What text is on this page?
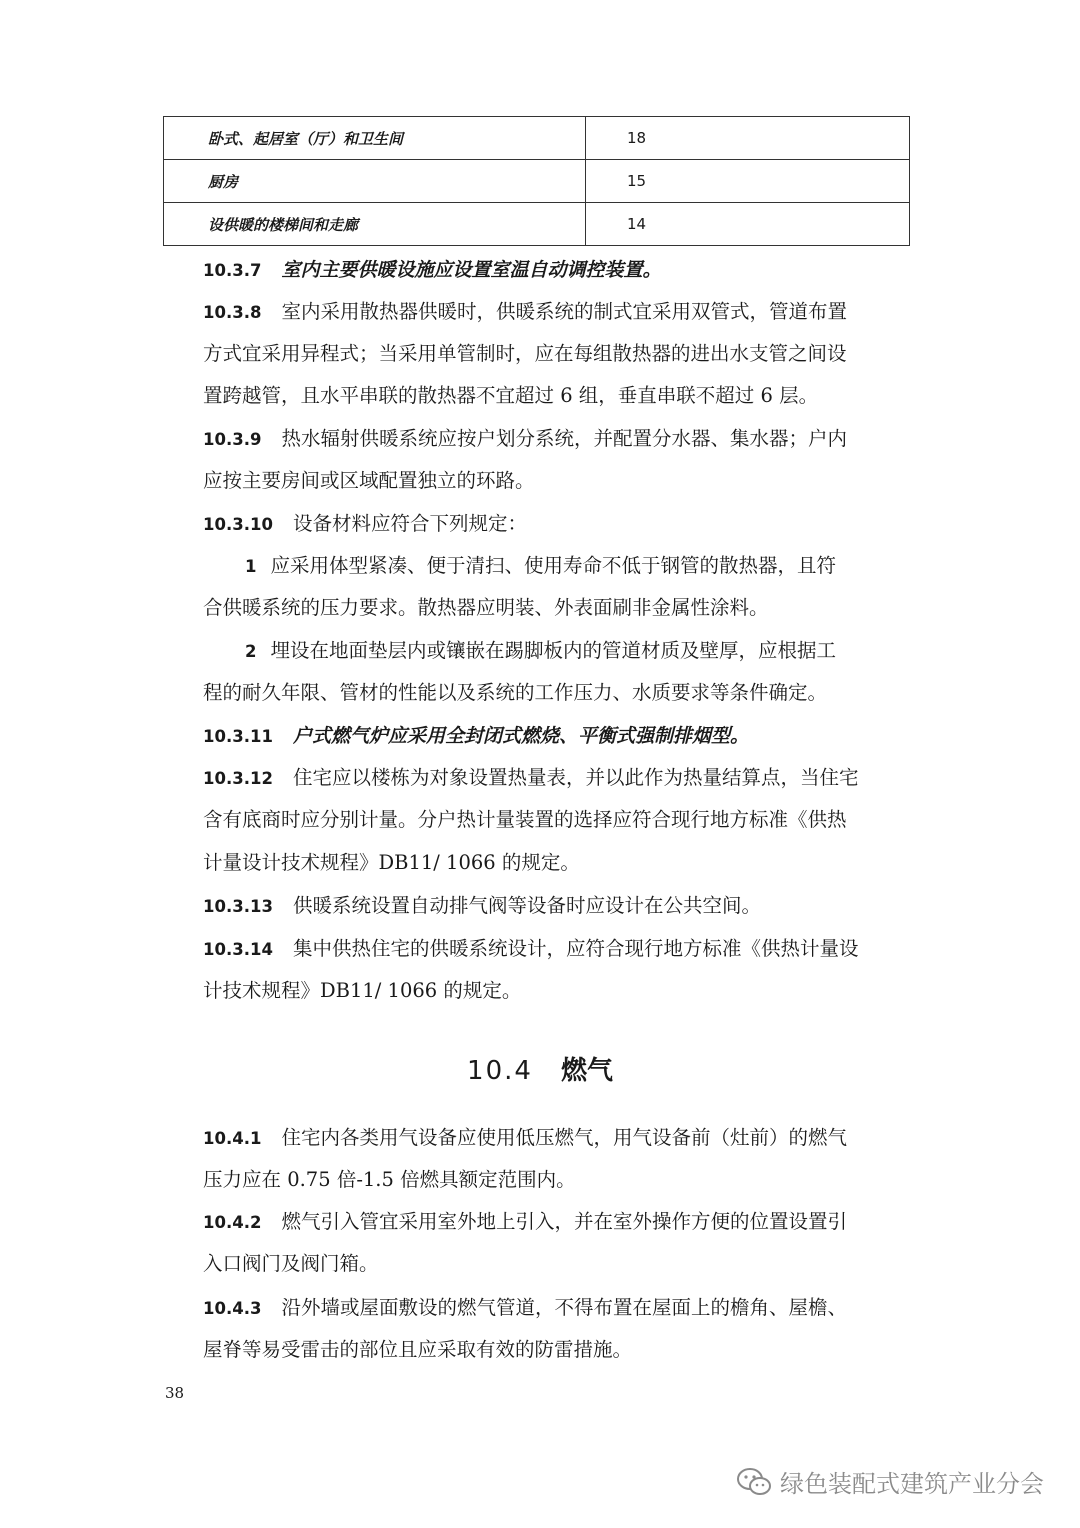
卧式、起居室（厅）和卫生间	18
厨房	15
设供暖的楼梯间和走廊	14
10.3.7 室内主要供暖设施应设置室温自动调控装置。
10.3.8 室内采用散热器供暖时，供暖系统的制式宜采用双管式，管道布置
方式宜采用异程式；当采用单管制时，应在每组散热器的进出水支管之间设
置跨越管，且水平串联的散热器不宜超过 6 组，垂直串联不超过 6 层。
10.3.9 热水辐射供暖系统应按户划分系统，并配置分水器、集水器；户内
应按主要房间或区域配置独立的环路。
10.3.10 设备材料应符合下列规定：
1 应采用体型紧凑、便于清扫、使用寿命不低于钢管的散热器，且符
合供暖系统的压力要求。散热器应明装、外表面刷非金属性涂料。
2 埋设在地面垫层内或镶嵌在踢脚板内的管道材质及壁厚，应根据工
程的耐久年限、管材的性能以及系统的工作压力、水质要求等条件确定。
10.3.11 户式燃气炉应采用全封闭式燃烧、平衡式强制排烟型。
10.3.12 住宅应以楼栋为对象设置热量表，并以此作为热量结算点，当住宅
含有底商时应分别计量。分户热计量装置的选择应符合现行地方标准《供热
计量设计技术规程》DB11/ 1066 的规定。
10.3.13 供暖系统设置自动排气阀等设备时应设计在公共空间。
10.3.14 集中供热住宅的供暖系统设计，应符合现行地方标准《供热计量设
计技术规程》DB11/ 1066 的规定。
10.4 燃气
10.4.1 住宅内各类用气设备应使用低压燃气，用气设备前（灶前）的燃气
压力应在 0.75 倍-1.5 倍燃具额定范围内。
10.4.2 燃气引入管宜采用室外地上引入，并在室外操作方便的位置设置引
入口阀门及阀门箱。
10.4.3 沿外墙或屋面敷设的燃气管道，不得布置在屋面上的檐角、屋檐、
屋脊等易受雷击的部位且应采取有效的防雷措施。
38
绿色装配式建筑产业分会
